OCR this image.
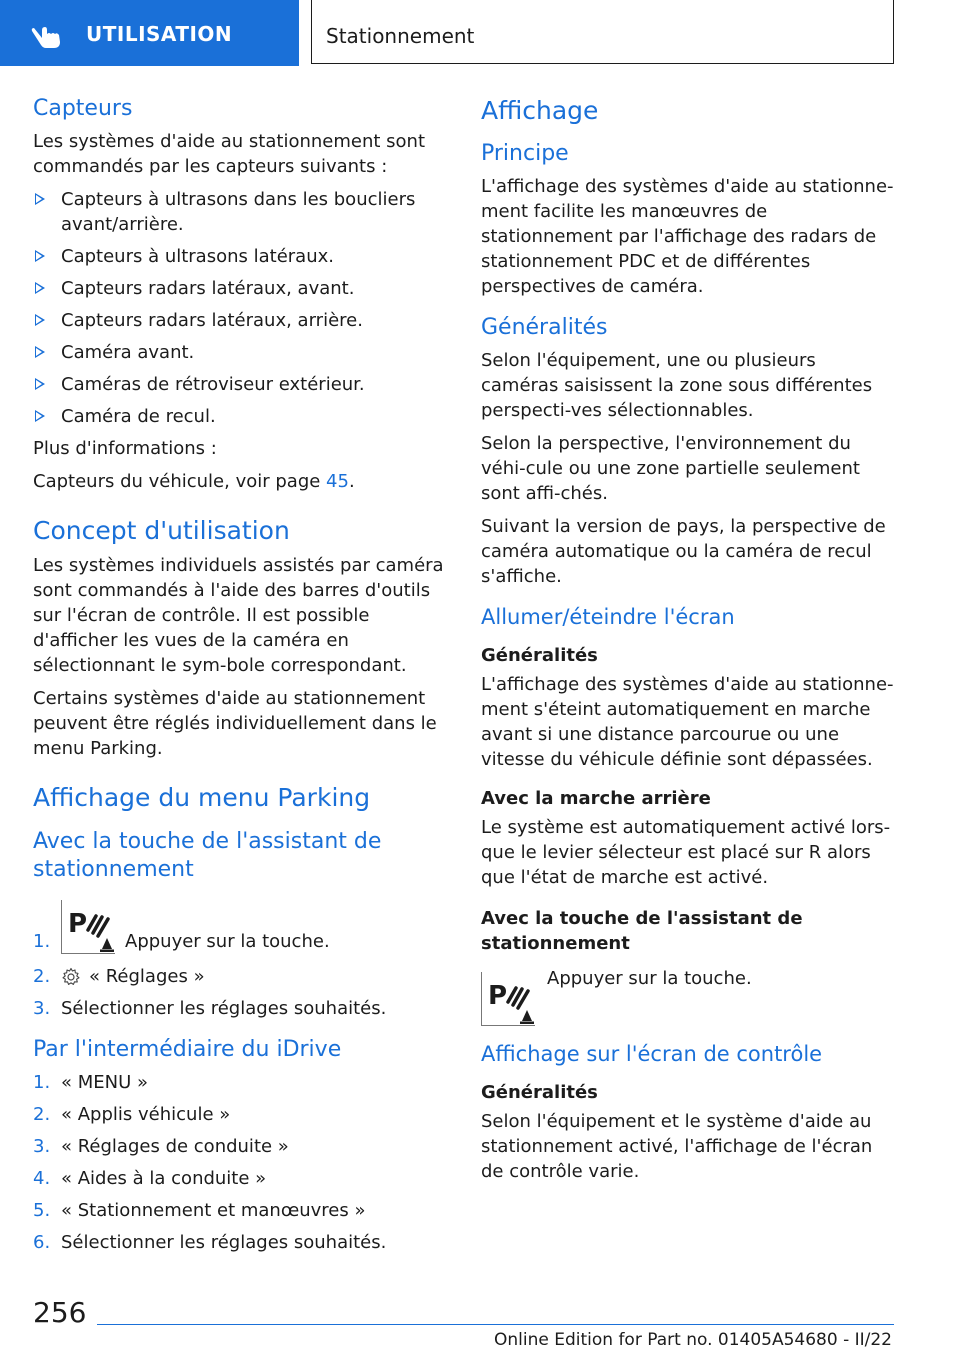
UTILISATION	Stationnement
Capteurs

Les systèmes d'aide au stationnement sont commandés par les capteurs suivants :

Capteurs à ultrasons dans les boucliers avant/arrière.
Capteurs à ultrasons latéraux.
Capteurs radars latéraux, avant.
Capteurs radars latéraux, arrière.
Caméra avant.
Caméras de rétroviseur extérieur.
Caméra de recul.

Plus d'informations :

Capteurs du véhicule, voir page 45.

Concept d'utilisation

Les systèmes individuels assistés par caméra sont commandés à l'aide des barres d'outils sur l'écran de contrôle. Il est possible d'afficher les vues de la caméra en sélectionnant le sym-bole correspondant.

Certains systèmes d'aide au stationnement peuvent être réglés individuellement dans le menu Parking.

Affichage du menu Parking
Avec la touche de l'assistant de stationnement
1.
P
Appuyer sur la touche.
2. « Réglages »
3. Sélectionner les réglages souhaités.
Par l'intermédiaire du iDrive
1. « MENU »
2. « Applis véhicule »
3. « Réglages de conduite »
4. « Aides à la conduite »
5. « Stationnement et manœuvres »
6. Sélectionner les réglages souhaités.
Affichage
Principe

L'affichage des systèmes d'aide au stationne-ment facilite les manœuvres de stationnement par l'affichage des radars de stationnement PDC et de différentes perspectives de caméra.

Généralités

Selon l'équipement, une ou plusieurs caméras saisissent la zone sous différentes perspecti-ves sélectionnables.

Selon la perspective, l'environnement du véhi-cule ou une zone partielle seulement sont affi-chés.

Suivant la version de pays, la perspective de caméra automatique ou la caméra de recul s'affiche.

Allumer/éteindre l'écran
Généralités

L'affichage des systèmes d'aide au stationne-ment s'éteint automatiquement en marche avant si une distance parcourue ou une vitesse du véhicule définie sont dépassées.

Avec la marche arrière

Le système est automatiquement activé lors-que le levier sélecteur est placé sur R alors que l'état de marche est activé.

Avec la touche de l'assistant de stationnement
P
Appuyer sur la touche.
Affichage sur l'écran de contrôle
Généralités

Selon l'équipement et le système d'aide au stationnement activé, l'affichage de l'écran de contrôle varie.

256
Online Edition for Part no. 01405A54680 - II/22
